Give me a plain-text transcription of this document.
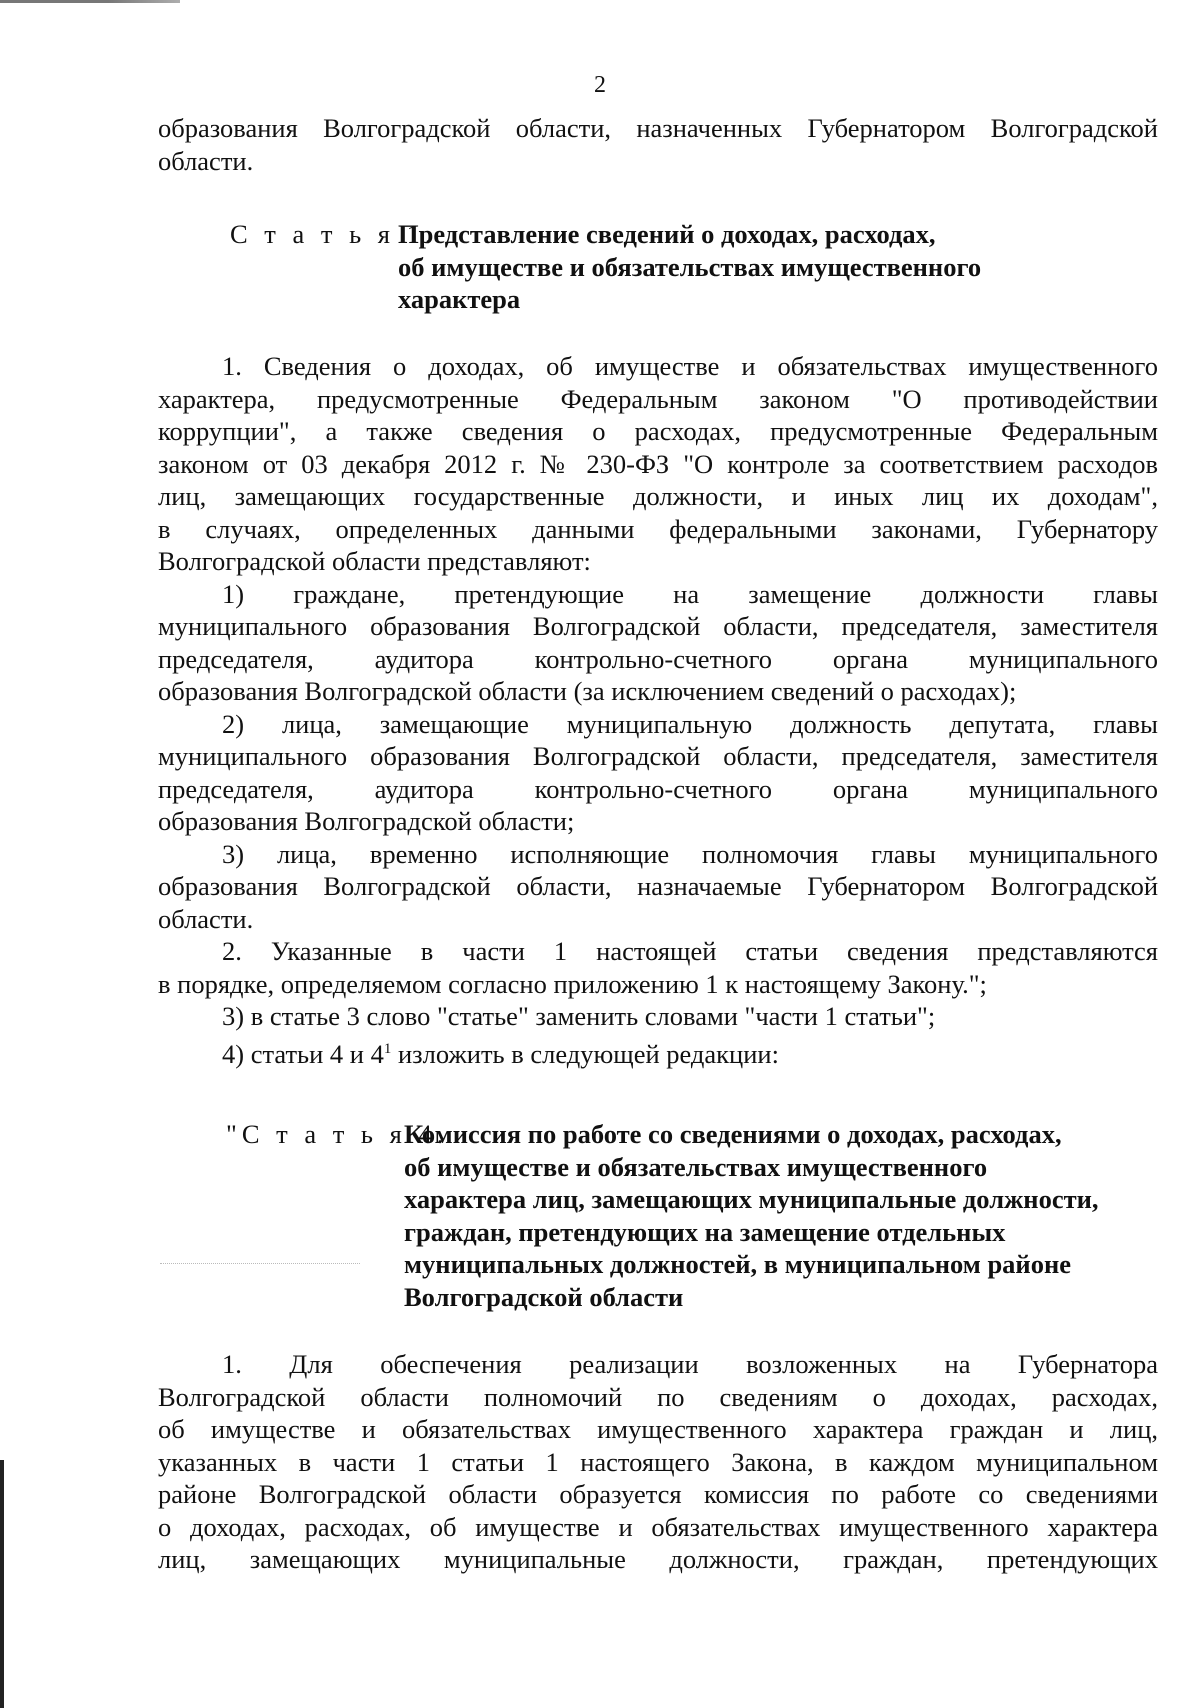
2
образования Волгоградской области, назначенных Губернатором Волгоградской
области.
С т а т ь я 1.
Представление сведений о доходах, расходах,
об имуществе и обязательствах имущественного
характера
1. Сведения о доходах, об имуществе и обязательствах имущественного
характера, предусмотренные Федеральным законом "О противодействии
коррупции", а также сведения о расходах, предусмотренные Федеральным
законом от 03 декабря 2012 г. № 230-ФЗ "О контроле за соответствием расходов
лиц, замещающих государственные должности, и иных лиц их доходам",
в случаях, определенных данными федеральными законами, Губернатору
Волгоградской области представляют:
1) граждане, претендующие на замещение должности главы
муниципального образования Волгоградской области, председателя, заместителя
председателя, аудитора контрольно-счетного органа муниципального
образования Волгоградской области (за исключением сведений о расходах);
2) лица, замещающие муниципальную должность депутата, главы
муниципального образования Волгоградской области, председателя, заместителя
председателя, аудитора контрольно-счетного органа муниципального
образования Волгоградской области;
3) лица, временно исполняющие полномочия главы муниципального
образования Волгоградской области, назначаемые Губернатором Волгоградской
области.
2. Указанные в части 1 настоящей статьи сведения представляются
в порядке, определяемом согласно приложению 1 к настоящему Закону.";
3) в статье 3 слово "статье" заменить словами "части 1 статьи";
4) статьи 4 и $4^1$ изложить в следующей редакции:
"С т а т ь я 4.
Комиссия по работе со сведениями о доходах, расходах,
об имуществе и обязательствах имущественного
характера лиц, замещающих муниципальные должности,
граждан, претендующих на замещение отдельных
муниципальных должностей, в муниципальном районе
Волгоградской области
1. Для обеспечения реализации возложенных на Губернатора
Волгоградской области полномочий по сведениям о доходах, расходах,
об имуществе и обязательствах имущественного характера граждан и лиц,
указанных в части 1 статьи 1 настоящего Закона, в каждом муниципальном
районе Волгоградской области образуется комиссия по работе со сведениями
о доходах, расходах, об имуществе и обязательствах имущественного характера
лиц, замещающих муниципальные должности, граждан, претендующих
